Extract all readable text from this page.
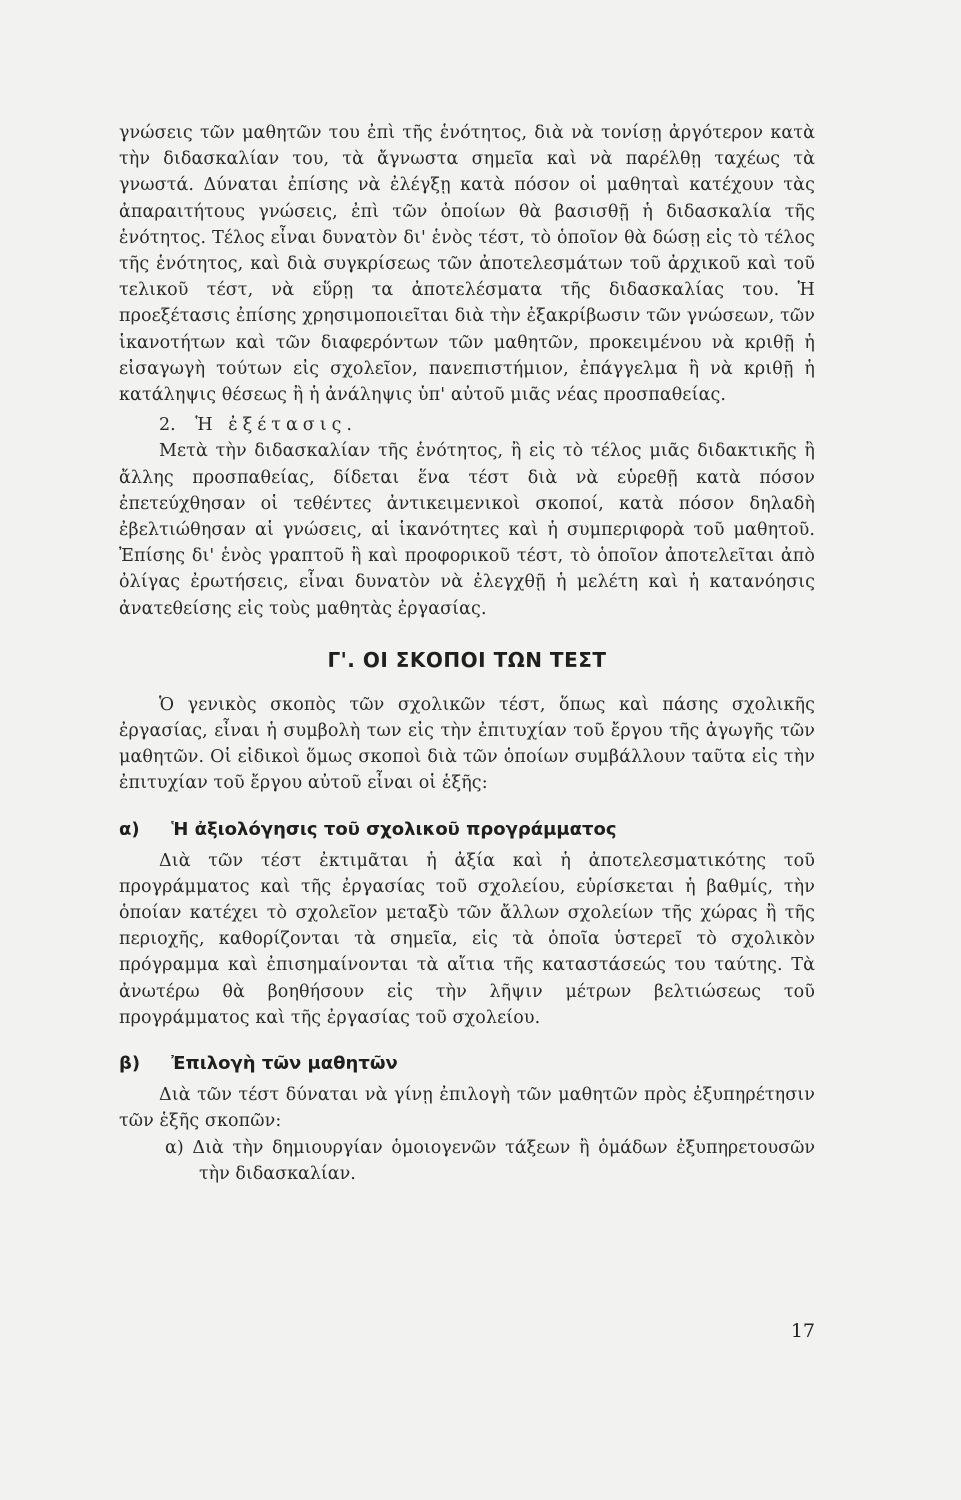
γνώσεις τῶν μαθητῶν του ἐπὶ τῆς ἑνότητος, διὰ νὰ τονίσῃ ἀργότερον κατὰ τὴν διδασκαλίαν του, τὰ ἄγνωστα σημεῖα καὶ νὰ παρέλθῃ ταχέως τὰ γνωστά. Δύναται ἐπίσης νὰ ἐλέγξῃ κατὰ πόσον οἱ μαθηταὶ κατέχουν τὰς ἀπαραιτήτους γνώσεις, ἐπὶ τῶν ὁποίων θὰ βασισθῇ ἡ διδασκαλία τῆς ἑνότητος. Τέλος εἶναι δυνατὸν δι' ἑνὸς τέστ, τὸ ὁποῖον θὰ δώσῃ εἰς τὸ τέλος τῆς ἑνότητος, καὶ διὰ συγκρίσεως τῶν ἀποτελεσμάτων τοῦ ἀρχικοῦ καὶ τοῦ τελικοῦ τέστ, νὰ εὕρῃ τα ἀποτελέσματα τῆς διδασκαλίας του. Ἡ προεξέτασις ἐπίσης χρησιμοποιεῖται διὰ τὴν ἐξακρίβωσιν τῶν γνώσεων, τῶν ἱκανοτήτων καὶ τῶν διαφερόντων τῶν μαθητῶν, προκειμένου νὰ κριθῇ ἡ εἰσαγωγὴ τούτων εἰς σχολεῖον, πανεπιστήμιον, ἐπάγγελμα ἢ νὰ κριθῇ ἡ κατάληψις θέσεως ἢ ἡ ἀνάληψις ὑπ' αὐτοῦ μιᾶς νέας προσπαθείας.

2. Ἡ ἐξέτασις.

Μετὰ τὴν διδασκαλίαν τῆς ἑνότητος, ἢ εἰς τὸ τέλος μιᾶς διδακτικῆς ἢ ἄλλης προσπαθείας, δίδεται ἕνα τέστ διὰ νὰ εὑρεθῇ κατὰ πόσον ἐπετεύχθησαν οἱ τεθέντες ἀντικειμενικοὶ σκοποί, κατὰ πόσον δηλαδὴ ἐβελτιώθησαν αἱ γνώσεις, αἱ ἱκανότητες καὶ ἡ συμπεριφορὰ τοῦ μαθητοῦ. Ἐπίσης δι' ἑνὸς γραπτοῦ ἢ καὶ προφορικοῦ τέστ, τὸ ὁποῖον ἀποτελεῖται ἀπὸ ὀλίγας ἐρωτήσεις, εἶναι δυνατὸν νὰ ἐλεγχθῇ ἡ μελέτη καὶ ἡ κατανόησις ἀνατεθείσης εἰς τοὺς μαθητὰς ἐργασίας.

Γ'. ΟΙ ΣΚΟΠΟΙ ΤΩΝ ΤΕΣΤ

Ὁ γενικὸς σκοπὸς τῶν σχολικῶν τέστ, ὅπως καὶ πάσης σχολικῆς ἐργασίας, εἶναι ἡ συμβολὴ των εἰς τὴν ἐπιτυχίαν τοῦ ἔργου τῆς ἀγωγῆς τῶν μαθητῶν. Οἱ εἰδικοὶ ὅμως σκοποὶ διὰ τῶν ὁποίων συμβάλλουν ταῦτα εἰς τὴν ἐπιτυχίαν τοῦ ἔργου αὐτοῦ εἶναι οἱ ἑξῆς:

α) Ἡ ἀξιολόγησις τοῦ σχολικοῦ προγράμματος

Διὰ τῶν τέστ ἐκτιμᾶται ἡ ἀξία καὶ ἡ ἀποτελεσματικότης τοῦ προγράμματος καὶ τῆς ἐργασίας τοῦ σχολείου, εὑρίσκεται ἡ βαθμίς, τὴν ὁποίαν κατέχει τὸ σχολεῖον μεταξὺ τῶν ἄλλων σχολείων τῆς χώρας ἢ τῆς περιοχῆς, καθορίζονται τὰ σημεῖα, εἰς τὰ ὁποῖα ὑστερεῖ τὸ σχολικὸν πρόγραμμα καὶ ἐπισημαίνονται τὰ αἴτια τῆς καταστάσεώς του ταύτης. Τὰ ἀνωτέρω θὰ βοηθήσουν εἰς τὴν λῆψιν μέτρων βελτιώσεως τοῦ προγράμματος καὶ τῆς ἐργασίας τοῦ σχολείου.

β) Ἐπιλογὴ τῶν μαθητῶν

Διὰ τῶν τέστ δύναται νὰ γίνῃ ἐπιλογὴ τῶν μαθητῶν πρὸς ἐξυπηρέτησιν τῶν ἑξῆς σκοπῶν:

α) Διὰ τὴν δημιουργίαν ὁμοιογενῶν τάξεων ἢ ὁμάδων ἐξυπηρετουσῶν τὴν διδασκαλίαν.

17
